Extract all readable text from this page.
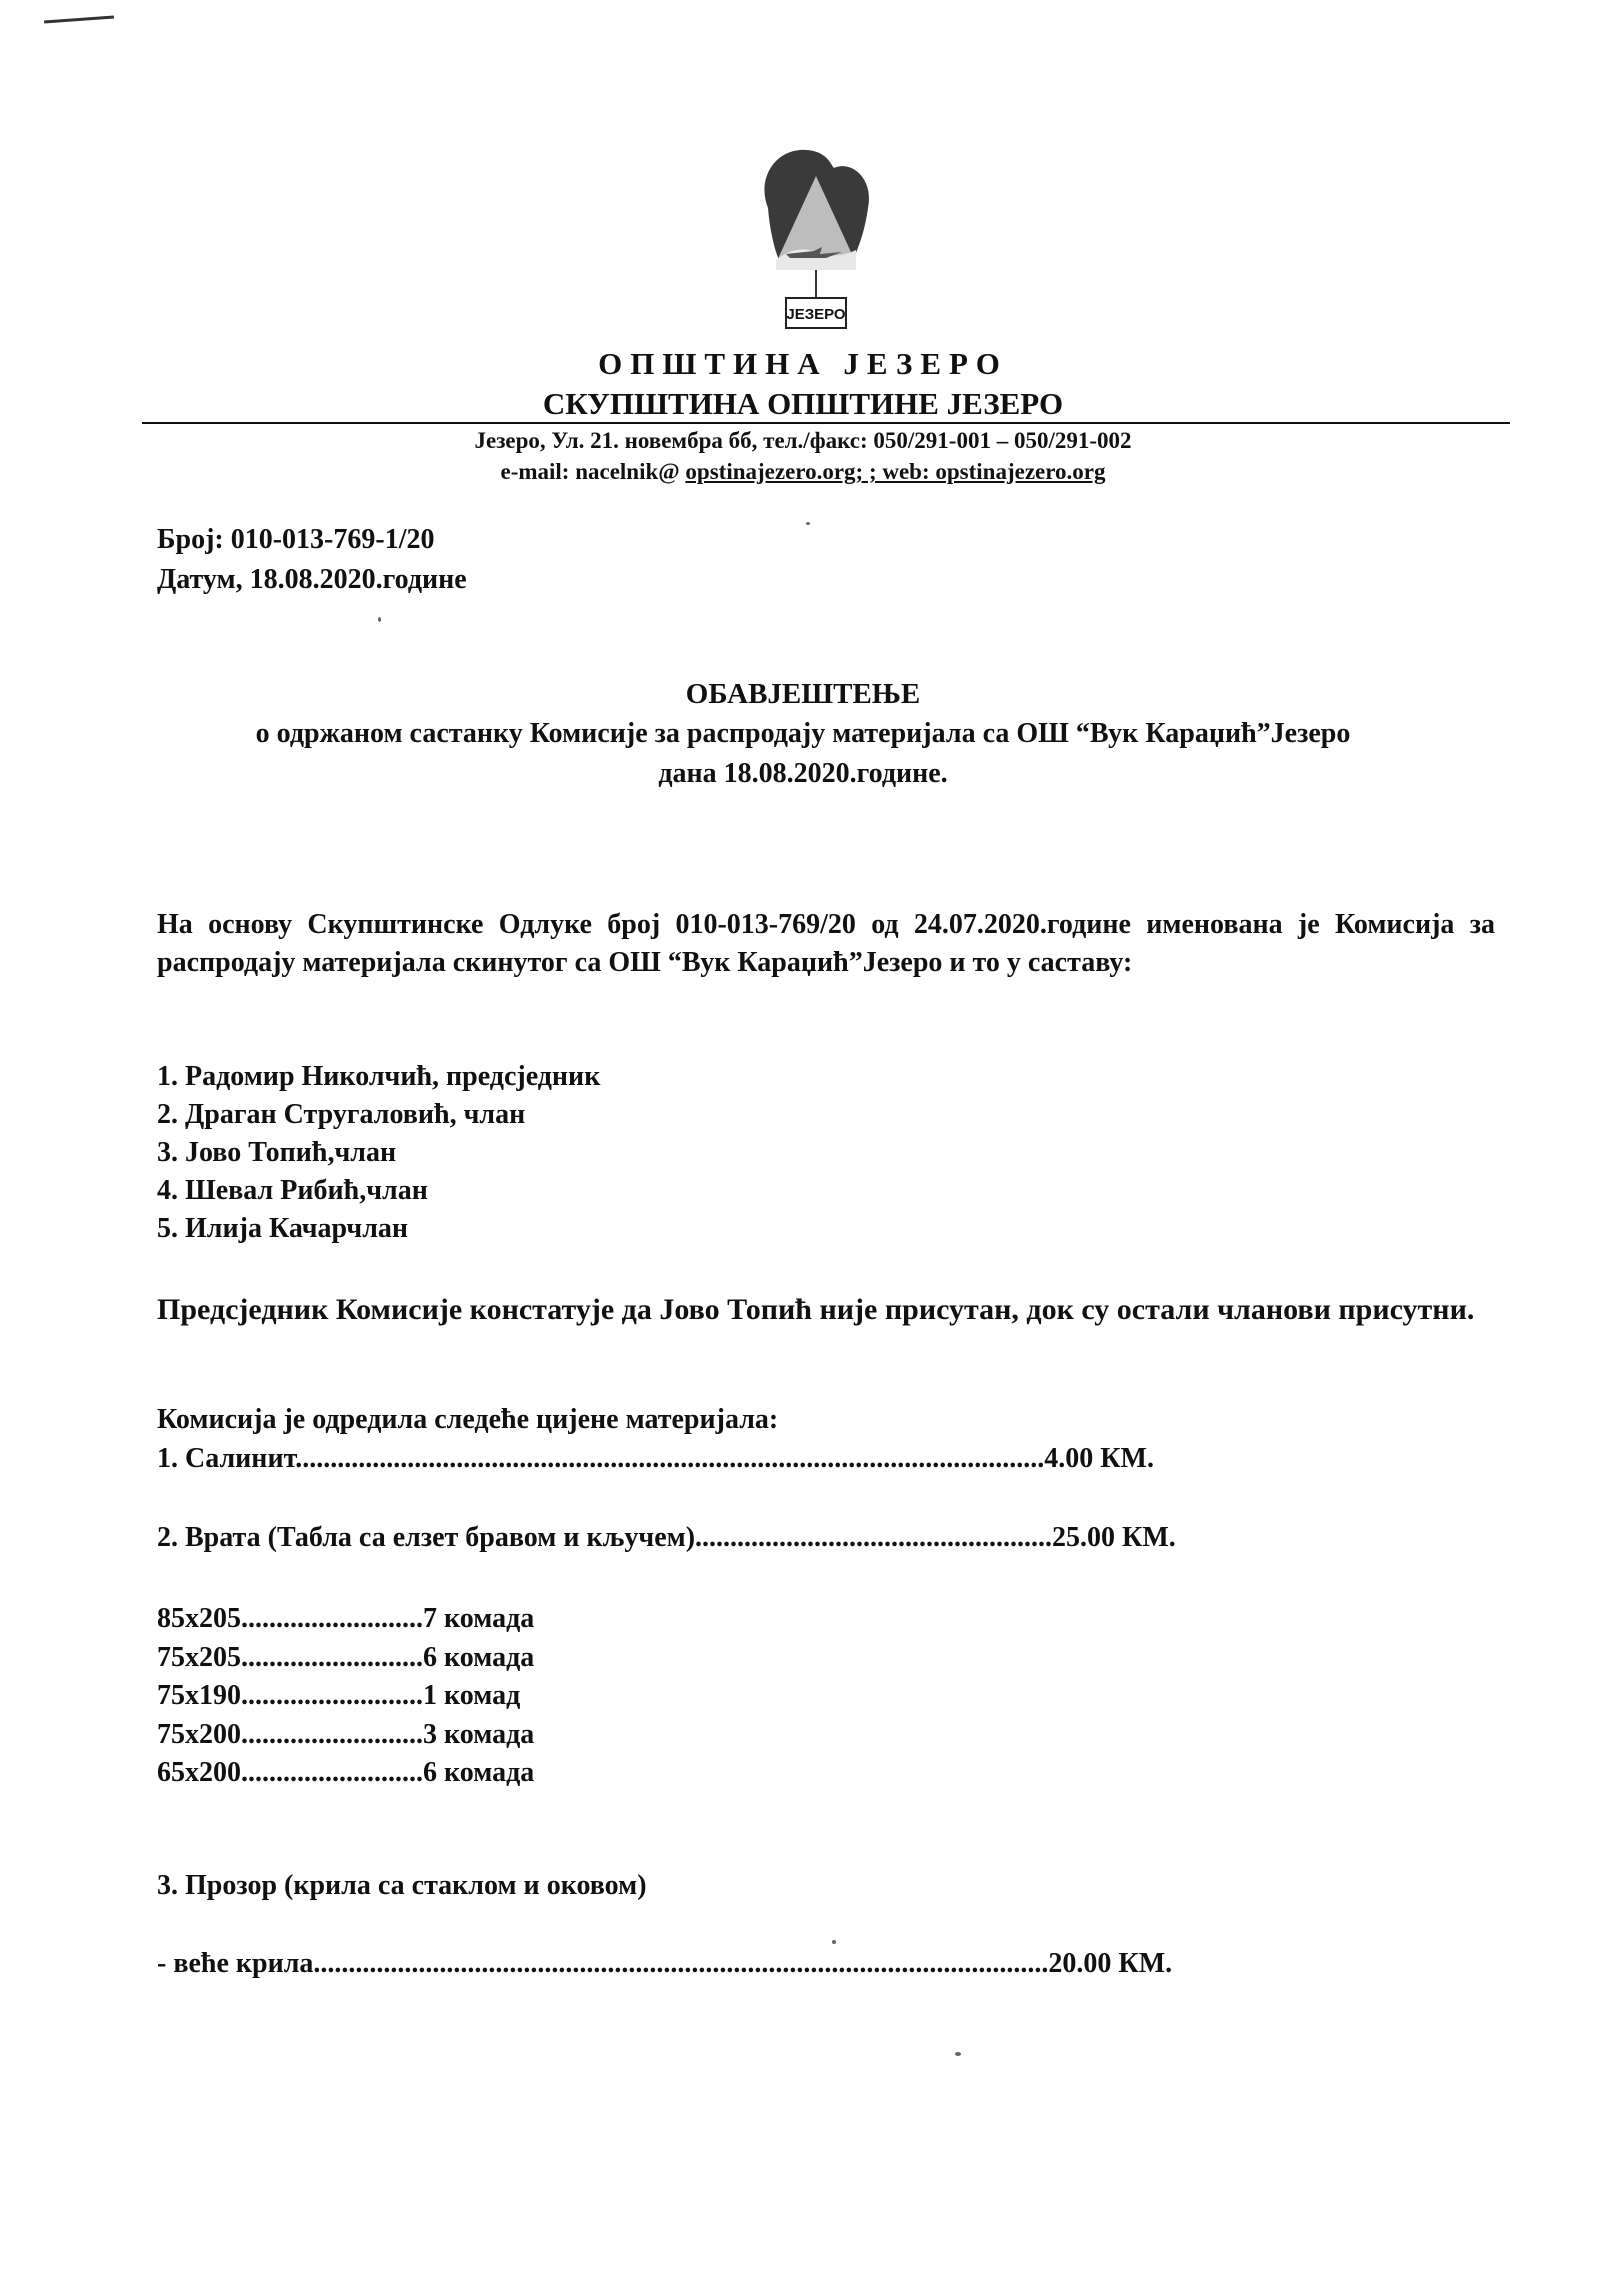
ЈЕЗЕРО
ОПШТИНА ЈЕЗЕРО
СКУПШТИНА ОПШТИНЕ ЈЕЗЕРО
Језеро, Ул. 21. новембра бб, тел./факс: 050/291-001 – 050/291-002
e-mail: nacelnik@ opstinajezero.org; ; web: opstinajezero.org
Број: 010-013-769-1/20
Датум, 18.08.2020.године
ОБАВЈЕШТЕЊЕ
о одржаном састанку Комисије за распродају материјала са ОШ “Вук Караџић”Језеро
дана 18.08.2020.године.
На основу Скупштинске Одлуке број 010-013-769/20 од 24.07.2020.године именована је Комисија за распродају материјала скинутог са ОШ “Вук Караџић”Језеро и то у саставу:
1. Радомир Николчић, предсједник
2. Драган Стругаловић, члан
3. Јово Топић,члан
4. Шевал Рибић,члан
5. Илија Качарчлан
Предсједник Комисије констатује да Јово Топић није присутан, док су остали чланови присутни.
Комисија је одредила следеће цијене материјала:
1. Салинит...........................................................................................................4.00 КМ.
2. Врата (Табла са елзет бравом и кључем)...................................................25.00 КМ.
85x205..........................7 комада
75x205..........................6 комада
75x190..........................1 комад
75x200..........................3 комада
65x200..........................6 комада
3. Прозор (крила са стаклом и оковом)
- веће крила.........................................................................................................20.00 КМ.
